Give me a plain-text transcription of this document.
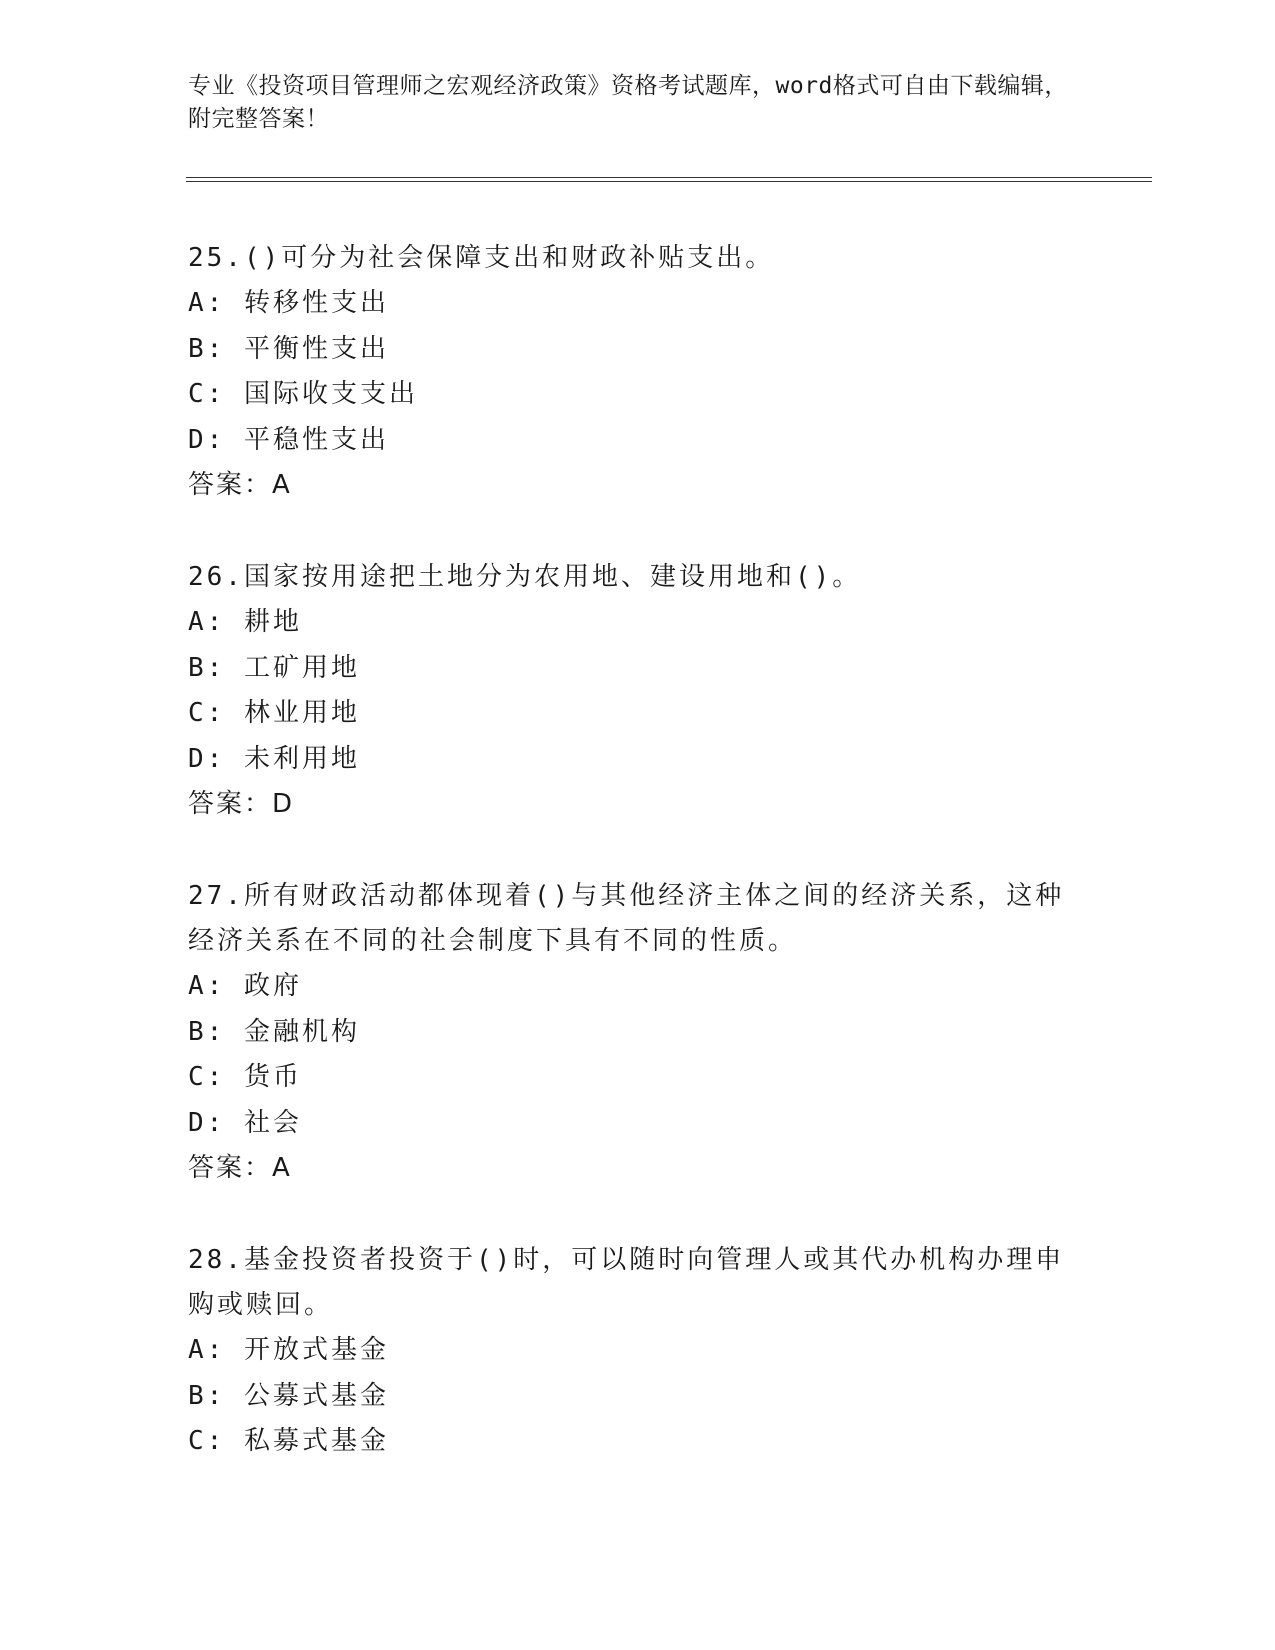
专业《投资项目管理师之宏观经济政策》资格考试题库，word格式可自由下载编辑，附完整答案！

25.()可分为社会保障支出和财政补贴支出。

A: 转移性支出

B: 平衡性支出

C: 国际收支支出

D: 平稳性支出

答案：A

26.国家按用途把土地分为农用地、建设用地和()。

A: 耕地

B: 工矿用地

C: 林业用地

D: 未利用地

答案：D

27.所有财政活动都体现着()与其他经济主体之间的经济关系，这种经济关系在不同的社会制度下具有不同的性质。

A: 政府

B: 金融机构

C: 货币

D: 社会

答案：A

28.基金投资者投资于()时，可以随时向管理人或其代办机构办理申购或赎回。

A: 开放式基金

B: 公募式基金

C: 私募式基金
